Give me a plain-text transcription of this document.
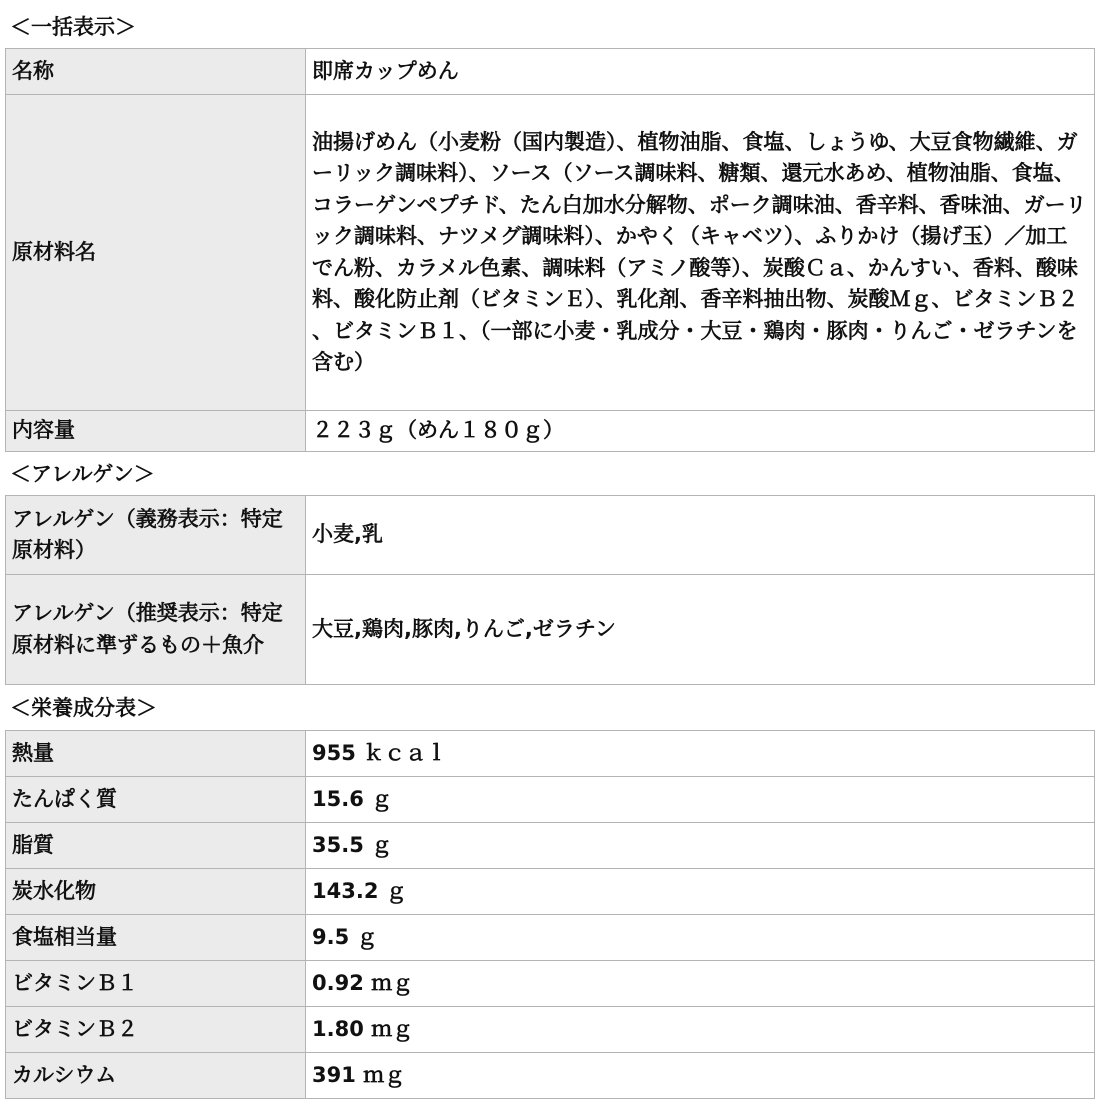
＜一括表示＞
名称	即席カップめん
原材料名	油揚げめん（小麦粉（国内製造）、植物油脂、食塩、しょうゆ、大豆食物繊維、ガーリック調味料）、ソース（ソース調味料、糖類、還元水あめ、植物油脂、食塩、コラーゲンペプチド、たん白加水分解物、ポーク調味油、香辛料、香味油、ガーリック調味料、ナツメグ調味料）、かやく（キャベツ）、ふりかけ（揚げ玉）／加工でん粉、カラメル色素、調味料（アミノ酸等）、炭酸Ｃａ、かんすい、香料、酸味料、酸化防止剤（ビタミンＥ）、乳化剤、香辛料抽出物、炭酸Ｍｇ、ビタミンＢ２、ビタミンＢ１、（一部に小麦・乳成分・大豆・鶏肉・豚肉・りんご・ゼラチンを含む）
内容量	２２３ｇ（めん１８０ｇ）
＜アレルゲン＞
アレルゲン（義務表示：特定原材料）	小麦,乳
アレルゲン（推奨表示：特定原材料に準ずるもの＋魚介	大豆,鶏肉,豚肉,りんご,ゼラチン
＜栄養成分表＞
熱量	955 ｋｃａｌ
たんぱく質	15.6 ｇ
脂質	35.5 ｇ
炭水化物	143.2 ｇ
食塩相当量	9.5 ｇ
ビタミンＢ１	0.92 ｍｇ
ビタミンＢ２	1.80 ｍｇ
カルシウム	391 ｍｇ
